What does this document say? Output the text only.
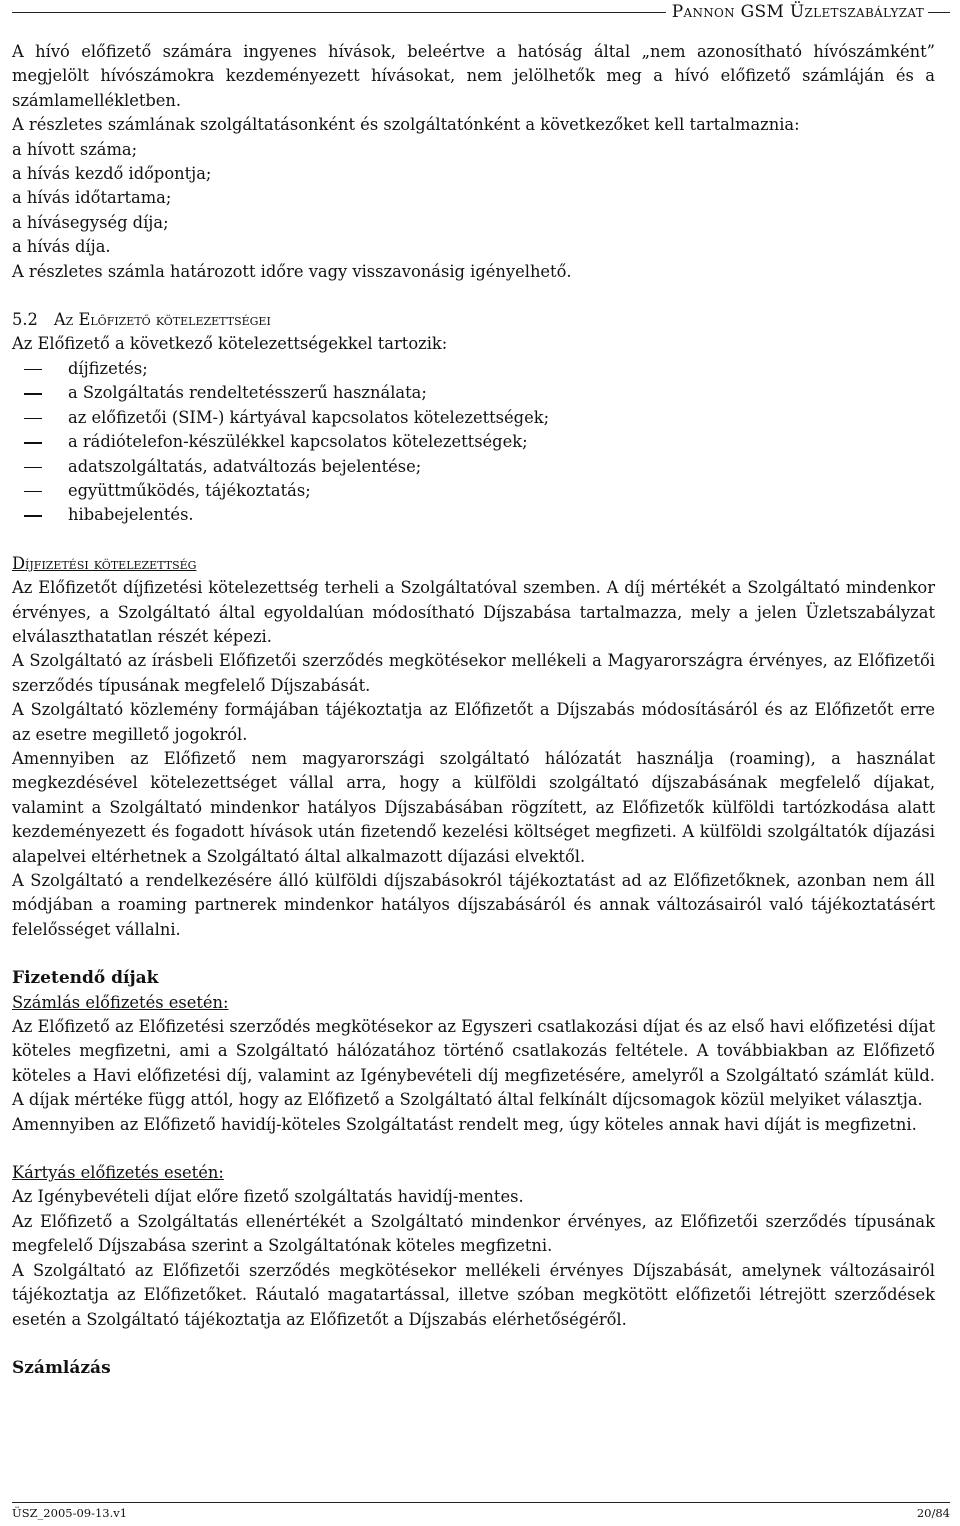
Pannon GSM Üzletszabályzat

A hívó előfizető számára ingyenes hívások, beleértve a hatóság által „nem azonosítható hívószámként” megjelölt hívószámokra kezdeményezett hívásokat, nem jelölhetők meg a hívó előfizető számláján és a számlamellékletben.

A részletes számlának szolgáltatásonként és szolgáltatónként a következőket kell tartalmaznia:

a hívott száma;

a hívás kezdő időpontja;

a hívás időtartama;

a hívásegység díja;

a hívás díja.

A részletes számla határozott időre vagy visszavonásig igényelhető.

5.2 Az Előfizető kötelezettségei

Az Előfizető a következő kötelezettségekkel tartozik:

díjfizetés;
a Szolgáltatás rendeltetésszerű használata;
az előfizetői (SIM-) kártyával kapcsolatos kötelezettségek;
a rádiótelefon-készülékkel kapcsolatos kötelezettségek;
adatszolgáltatás, adatváltozás bejelentése;
együttműködés, tájékoztatás;
hibabejelentés.

Díjfizetési kötelezettség

Az Előfizetőt díjfizetési kötelezettség terheli a Szolgáltatóval szemben. A díj mértékét a Szolgáltató mindenkor érvényes, a Szolgáltató által egyoldalúan módosítható Díjszabása tartalmazza, mely a jelen Üzletszabályzat elválaszthatatlan részét képezi.

A Szolgáltató az írásbeli Előfizetői szerződés megkötésekor mellékeli a Magyarországra érvényes, az Előfizetői szerződés típusának megfelelő Díjszabását.

A Szolgáltató közlemény formájában tájékoztatja az Előfizetőt a Díjszabás módosításáról és az Előfizetőt erre az esetre megillető jogokról.

Amennyiben az Előfizető nem magyarországi szolgáltató hálózatát használja (roaming), a használat megkezdésével kötelezettséget vállal arra, hogy a külföldi szolgáltató díjszabásának megfelelő díjakat, valamint a Szolgáltató mindenkor hatályos Díjszabásában rögzített, az Előfizetők külföldi tartózkodása alatt kezdeményezett és fogadott hívások után fizetendő kezelési költséget megfizeti. A külföldi szolgáltatók díjazási alapelvei eltérhetnek a Szolgáltató által alkalmazott díjazási elvektől.

A Szolgáltató a rendelkezésére álló külföldi díjszabásokról tájékoztatást ad az Előfizetőknek, azonban nem áll módjában a roaming partnerek mindenkor hatályos díjszabásáról és annak változásairól való tájékoztatásért felelősséget vállalni.

Fizetendő díjak

Számlás előfizetés esetén:

Az Előfizető az Előfizetési szerződés megkötésekor az Egyszeri csatlakozási díjat és az első havi előfizetési díjat köteles megfizetni, ami a Szolgáltató hálózatához történő csatlakozás feltétele. A továbbiakban az Előfizető köteles a Havi előfizetési díj, valamint az Igénybevételi díj megfizetésére, amelyről a Szolgáltató számlát küld. A díjak mértéke függ attól, hogy az Előfizető a Szolgáltató által felkínált díjcsomagok közül melyiket választja.

Amennyiben az Előfizető havidíj-köteles Szolgáltatást rendelt meg, úgy köteles annak havi díját is megfizetni.

Kártyás előfizetés esetén:

Az Igénybevételi díjat előre fizető szolgáltatás havidíj-mentes.

Az Előfizető a Szolgáltatás ellenértékét a Szolgáltató mindenkor érvényes, az Előfizetői szerződés típusának megfelelő Díjszabása szerint a Szolgáltatónak köteles megfizetni.

A Szolgáltató az Előfizetői szerződés megkötésekor mellékeli érvényes Díjszabását, amelynek változásairól tájékoztatja az Előfizetőket. Ráutaló magatartással, illetve szóban megkötött előfizetői létrejött szerződések esetén a Szolgáltató tájékoztatja az Előfizetőt a Díjszabás elérhetőségéről.

Számlázás

ÜSZ_2005-09-13.v1	20/84
